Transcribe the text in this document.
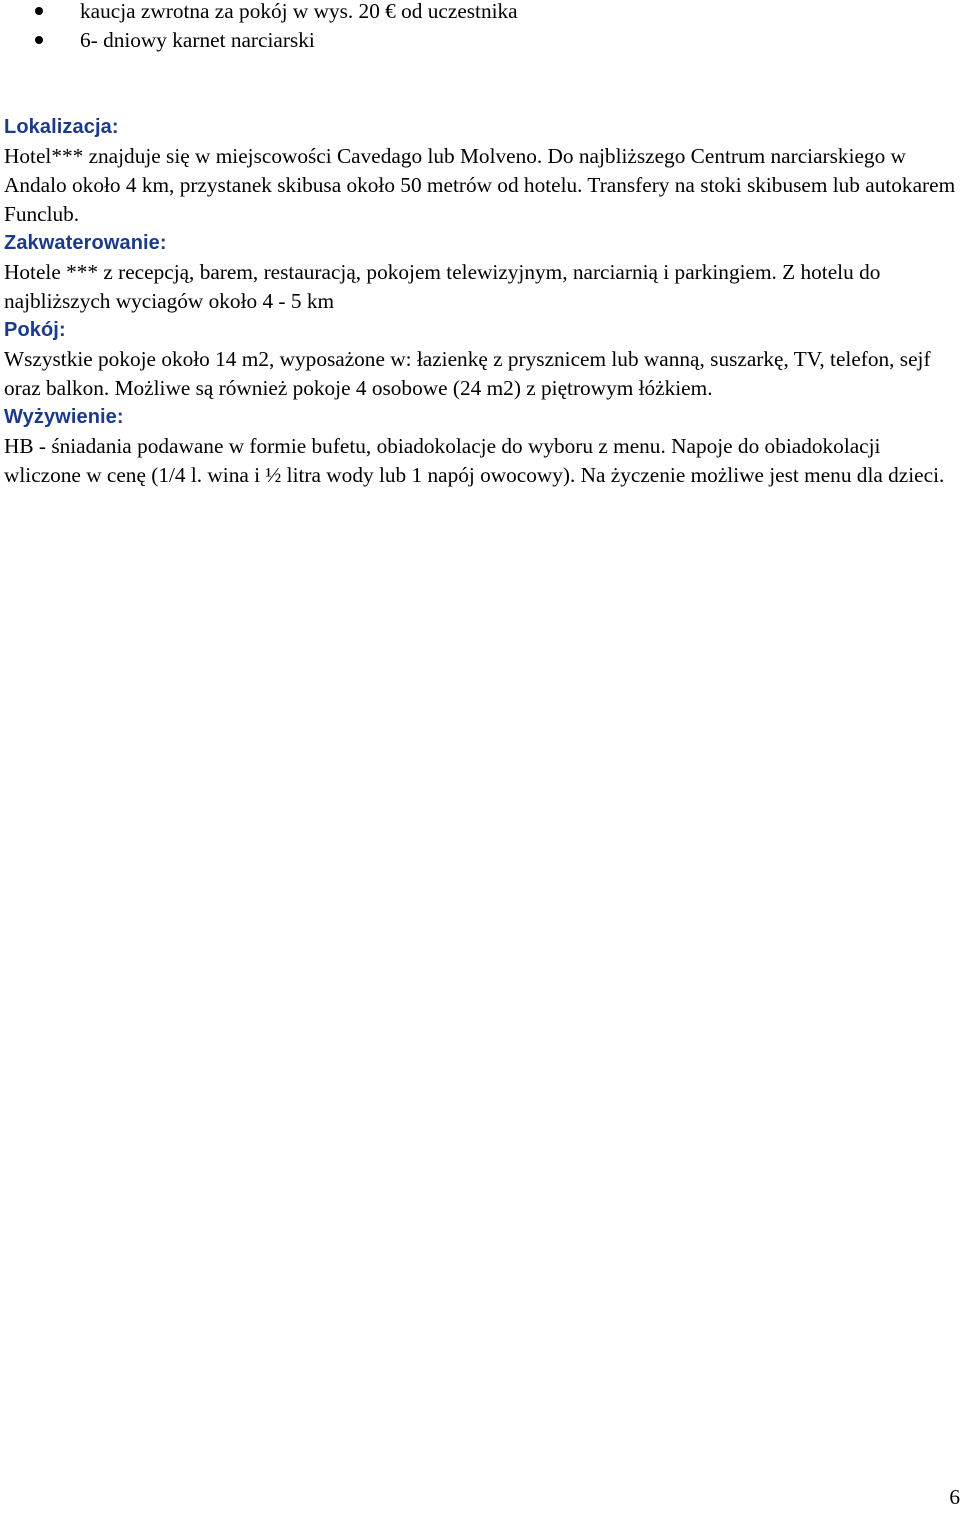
kaucja zwrotna za pokój w wys. 20 € od uczestnika
6- dniowy karnet narciarski

Lokalizacja:

Hotel*** znajduje się w miejscowości Cavedago lub Molveno. Do najbliższego Centrum narciarskiego w Andalo około 4 km, przystanek skibusa około 50 metrów od hotelu. Transfery na stoki skibusem lub autokarem Funclub.

Zakwaterowanie:

Hotele *** z recepcją, barem, restauracją, pokojem telewizyjnym, narciarnią i parkingiem. Z hotelu do najbliższych wyciagów około 4 - 5 km

Pokój:

Wszystkie pokoje około 14 m2, wyposażone w: łazienkę z prysznicem lub wanną, suszarkę, TV, telefon, sejf oraz balkon. Możliwe są również pokoje 4 osobowe (24 m2) z piętrowym łóżkiem.

Wyżywienie:

HB - śniadania podawane w formie bufetu, obiadokolacje do wyboru z menu. Napoje do obiadokolacji wliczone w cenę (1/4 l. wina i ½ litra wody lub 1 napój owocowy). Na życzenie możliwe jest menu dla dzieci.

6
